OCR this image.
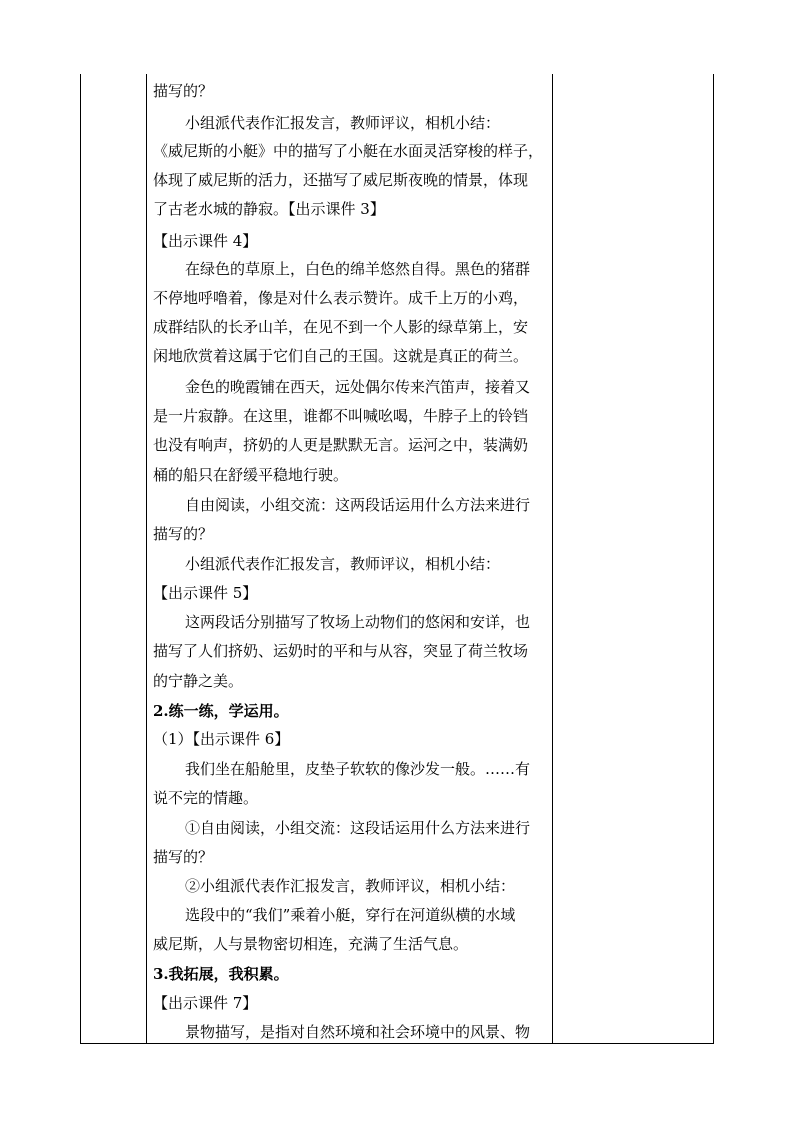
描写的？
小组派代表作汇报发言，教师评议，相机小结：
《威尼斯的小艇》中的描写了小艇在水面灵活穿梭的样子，
体现了威尼斯的活力，还描写了威尼斯夜晚的情景，体现
了古老水城的静寂。【出示课件 3】
【出示课件 4】
在绿色的草原上，白色的绵羊悠然自得。黑色的猪群
不停地呼噜着，像是对什么表示赞许。成千上万的小鸡，
成群结队的长矛山羊，在见不到一个人影的绿草第上，安
闲地欣赏着这属于它们自己的王国。这就是真正的荷兰。
金色的晚霞铺在西天，远处偶尔传来汽笛声，接着又
是一片寂静。在这里，谁都不叫喊吆喝，牛脖子上的铃铛
也没有响声，挤奶的人更是默默无言。运河之中，装满奶
桶的船只在舒缓平稳地行驶。
自由阅读，小组交流：这两段话运用什么方法来进行
描写的？
小组派代表作汇报发言，教师评议，相机小结：
【出示课件 5】
这两段话分别描写了牧场上动物们的悠闲和安详，也
描写了人们挤奶、运奶时的平和与从容，突显了荷兰牧场
的宁静之美。
2.练一练，学运用。
（1）【出示课件 6】
我们坐在船舱里，皮垫子软软的像沙发一般。……有
说不完的情趣。
①自由阅读，小组交流：这段话运用什么方法来进行
描写的？
②小组派代表作汇报发言，教师评议，相机小结：
选段中的“我们”乘着小艇，穿行在河道纵横的水域
威尼斯，人与景物密切相连，充满了生活气息。
3.我拓展，我积累。
【出示课件 7】
景物描写，是指对自然环境和社会环境中的风景、物
